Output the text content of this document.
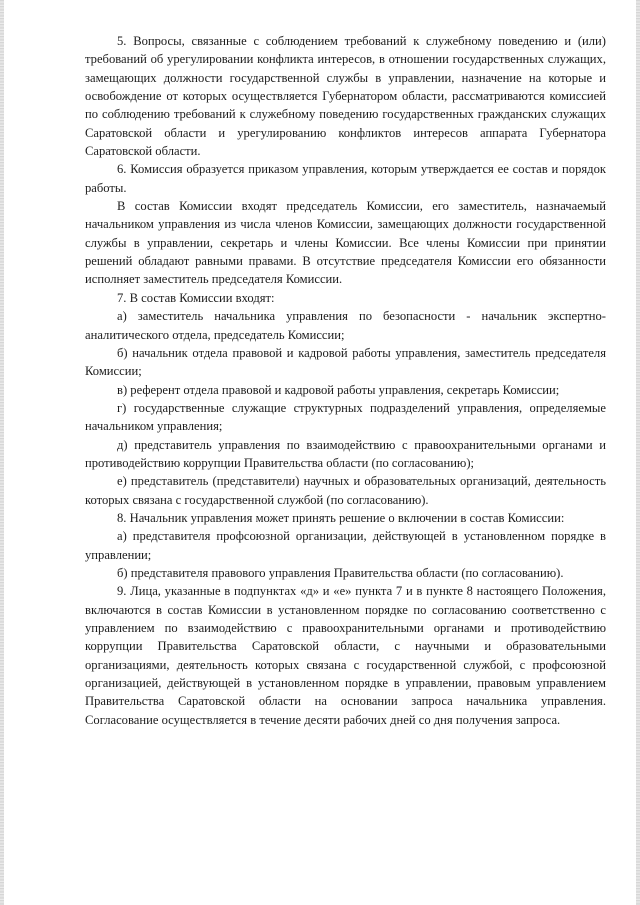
5. Вопросы, связанные с соблюдением требований к служебному поведению и (или) требований об урегулировании конфликта интересов, в отношении государственных служащих, замещающих должности государственной службы в управлении, назначение на которые и освобождение от которых осуществляется Губернатором области, рассматриваются комиссией по соблюдению требований к служебному поведению государственных гражданских служащих Саратовской области и урегулированию конфликтов интересов аппарата Губернатора Саратовской области.

6. Комиссия образуется приказом управления, которым утверждается ее состав и порядок работы.

В состав Комиссии входят председатель Комиссии, его заместитель, назначаемый начальником управления из числа членов Комиссии, замещающих должности государственной службы в управлении, секретарь и члены Комиссии. Все члены Комиссии при принятии решений обладают равными правами. В отсутствие председателя Комиссии его обязанности исполняет заместитель председателя Комиссии.

7. В состав Комиссии входят:

а) заместитель начальника управления по безопасности - начальник экспертно-аналитического отдела, председатель Комиссии;

б) начальник отдела правовой и кадровой работы управления, заместитель председателя Комиссии;

в) референт отдела правовой и кадровой работы управления, секретарь Комиссии;

г) государственные служащие структурных подразделений управления, определяемые начальником управления;

д) представитель управления по взаимодействию с правоохранительными органами и противодействию коррупции Правительства области (по согласованию);

е) представитель (представители) научных и образовательных организаций, деятельность которых связана с государственной службой (по согласованию).

8. Начальник управления может принять решение о включении в состав Комиссии:

а) представителя профсоюзной организации, действующей в установленном порядке в управлении;

б) представителя правового управления Правительства области (по согласованию).

9. Лица, указанные в подпунктах «д» и «е» пункта 7 и в пункте 8 настоящего Положения, включаются в состав Комиссии в установленном порядке по согласованию соответственно с управлением по взаимодействию с правоохранительными органами и противодействию коррупции Правительства Саратовской области, с научными и образовательными организациями, деятельность которых связана с государственной службой, с профсоюзной организацией, действующей в установленном порядке в управлении, правовым управлением Правительства Саратовской области на основании запроса начальника управления. Согласование осуществляется в течение десяти рабочих дней со дня получения запроса.
